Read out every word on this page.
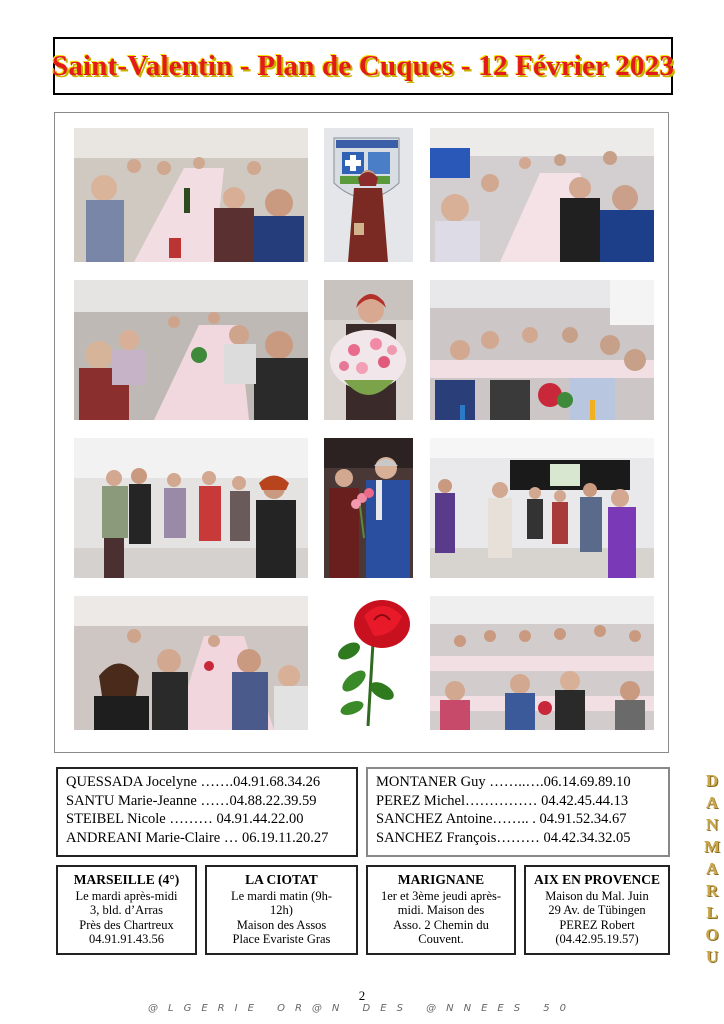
Saint-Valentin - Plan de Cuques - 12 Février 2023
QUESSADA Jocelyne …….04.91.68.34.26
SANTU Marie-Jeanne ……04.88.22.39.59
STEIBEL Nicole ……… 04.91.44.22.00
ANDREANI Marie-Claire … 06.19.11.20.27
MONTANER Guy ……..….06.14.69.89.10
PEREZ Michel…………… 04.42.45.44.13
SANCHEZ Antoine…….. . 04.91.52.34.67
SANCHEZ François……… 04.42.34.32.05
MARSEILLE (4°)
Le mardi après-midi
3, bld. d’Arras
Près des Chartreux
04.91.91.43.56
LA CIOTAT
Le mardi matin (9h-
12h)
Maison des Assos
Place Evariste Gras
MARIGNANE
1er et 3ème jeudi après-
midi. Maison des
Asso. 2 Chemin du
Couvent.
AIX EN PROVENCE
Maison du Mal. Juin
29 Av. de Tübingen
PEREZ Robert
(04.42.95.19.57)
D
A
N
M
A
R
L
O
U
2
@LGERIE OR@N DES @NNEES 50
